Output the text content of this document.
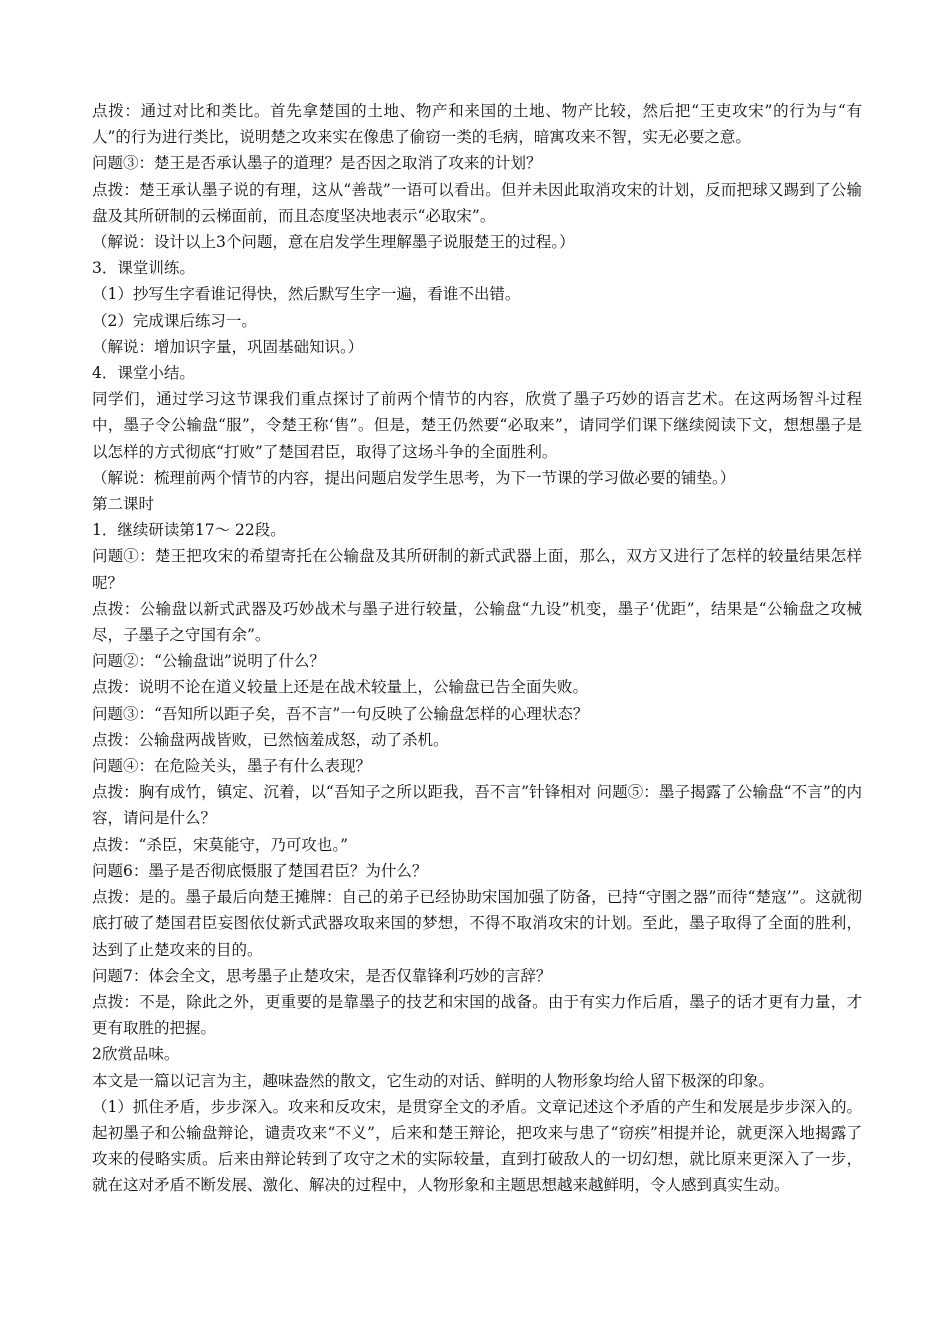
点拨：通过对比和类比。首先拿楚国的土地、物产和来国的土地、物产比较，然后把“王吏攻宋”的行为与“有人”的行为进行类比，说明楚之攻来实在像患了偷窃一类的毛病，暗寓攻来不智，实无必要之意。

问题③：楚王是否承认墨子的道理？是否因之取消了攻来的计划？

点拨：楚王承认墨子说的有理，这从“善哉”一语可以看出。但并未因此取消攻宋的计划，反而把球又踢到了公输盘及其所研制的云梯面前，而且态度坚决地表示“必取宋”。

（解说：设计以上3个问题，意在启发学生理解墨子说服楚王的过程。）

3．课堂训练。

（1）抄写生字看谁记得快，然后默写生字一遍，看谁不出错。

（2）完成课后练习一。

（解说：增加识字量，巩固基础知识。）

4．课堂小结。

同学们，通过学习这节课我们重点探讨了前两个情节的内容，欣赏了墨子巧妙的语言艺术。在这两场智斗过程中，墨子令公输盘“服”，令楚王称‘售”。但是，楚王仍然要“必取来”，请同学们课下继续阅读下文，想想墨子是以怎样的方式彻底“打败”了楚国君臣，取得了这场斗争的全面胜利。

（解说：梳理前两个情节的内容，提出问题启发学生思考，为下一节课的学习做必要的铺垫。）

第二课时

1．继续研读第17～ 22段。

问题①：楚王把攻宋的希望寄托在公输盘及其所研制的新式武器上面，那么，双方又进行了怎样的较量结果怎样呢？

点拨：公输盘以新式武器及巧妙战术与墨子进行较量，公输盘“九设”机变，墨子‘优距”，结果是“公输盘之攻械尽，子墨子之守国有余”。

问题②：“公输盘诎”说明了什么？

点拨：说明不论在道义较量上还是在战术较量上，公输盘已告全面失败。

问题③：“吾知所以距子矣，吾不言”一句反映了公输盘怎样的心理状态？

点拨：公输盘两战皆败，已然恼羞成怒，动了杀机。

问题④：在危险关头，墨子有什么表现？

点拨：胸有成竹，镇定、沉着，以“吾知子之所以距我，吾不言”针锋相对 问题⑤：墨子揭露了公输盘“不言”的内容，请问是什么？

点拨：“杀臣，宋莫能守，乃可攻也。”

问题6：墨子是否彻底慑服了楚国君臣？为什么？

点拨：是的。墨子最后向楚王摊牌：自己的弟子已经协助宋国加强了防备，已持“守圉之器”而待“楚寇’”。这就彻底打破了楚国君臣妄图依仗新式武器攻取来国的梦想，不得不取消攻宋的计划。至此，墨子取得了全面的胜利，达到了止楚攻来的目的。

问题7：体会全文，思考墨子止楚攻宋，是否仅靠锋利巧妙的言辞？

点拨：不是，除此之外，更重要的是靠墨子的技艺和宋国的战备。由于有实力作后盾，墨子的话才更有力量，才更有取胜的把握。

2欣赏品味。

本文是一篇以记言为主，趣味盎然的散文，它生动的对话、鲜明的人物形象均给人留下极深的印象。

（1）抓住矛盾，步步深入。攻来和反攻宋，是贯穿全文的矛盾。文章记述这个矛盾的产生和发展是步步深入的。起初墨子和公输盘辩论，谴责攻来“不义”，后来和楚王辩论，把攻来与患了“窃疾”相提并论，就更深入地揭露了攻来的侵略实质。后来由辩论转到了攻守之术的实际较量，直到打破敌人的一切幻想，就比原来更深入了一步，就在这对矛盾不断发展、激化、解决的过程中，人物形象和主题思想越来越鲜明，令人感到真实生动。
